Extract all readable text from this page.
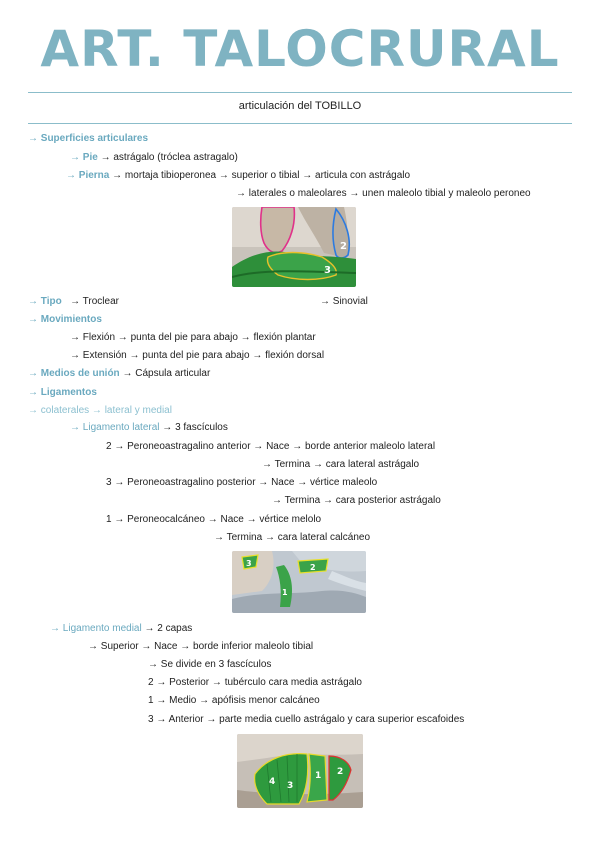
ART. TALOCRURAL
articulación del TOBILLO
→ Superficies articulares
→ Pie → astrágalo (tróclea astragalo)
→ Pierna → mortaja tibioperonea → superior o tibial → articula con astrágalo
→ laterales o maleolares → unen maleolo tibial y maleolo peroneo
2
3
→ Tipo → Troclear	→ Sinovial
→ Movimientos
→ Flexión → punta del pie para abajo → flexión plantar
→ Extensión → punta del pie para abajo → flexión dorsal
→ Medios de unión → Cápsula articular
→ Ligamentos
→ colaterales → lateral y medial
→ Ligamento lateral → 3 fascículos
2 → Peroneoastragalino anterior → Nace → borde anterior maleolo lateral
→ Termina → cara lateral astrágalo
3 → Peroneoastragalino posterior → Nace → vértice maleolo
→ Termina → cara posterior astrágalo
1 → Peroneocalcáneo → Nace → vértice melolo
→ Termina → cara lateral calcáneo
3	2
1
→ Ligamento medial → 2 capas
→ Superior → Nace → borde inferior maleolo tibial
→ Se divide en 3 fascículos
2 → Posterior → tubérculo cara media astrágalo
1 → Medio → apófisis menor calcáneo
3 → Anterior → parte media cuello astrágalo y cara superior escafoides
4 3
1 2
